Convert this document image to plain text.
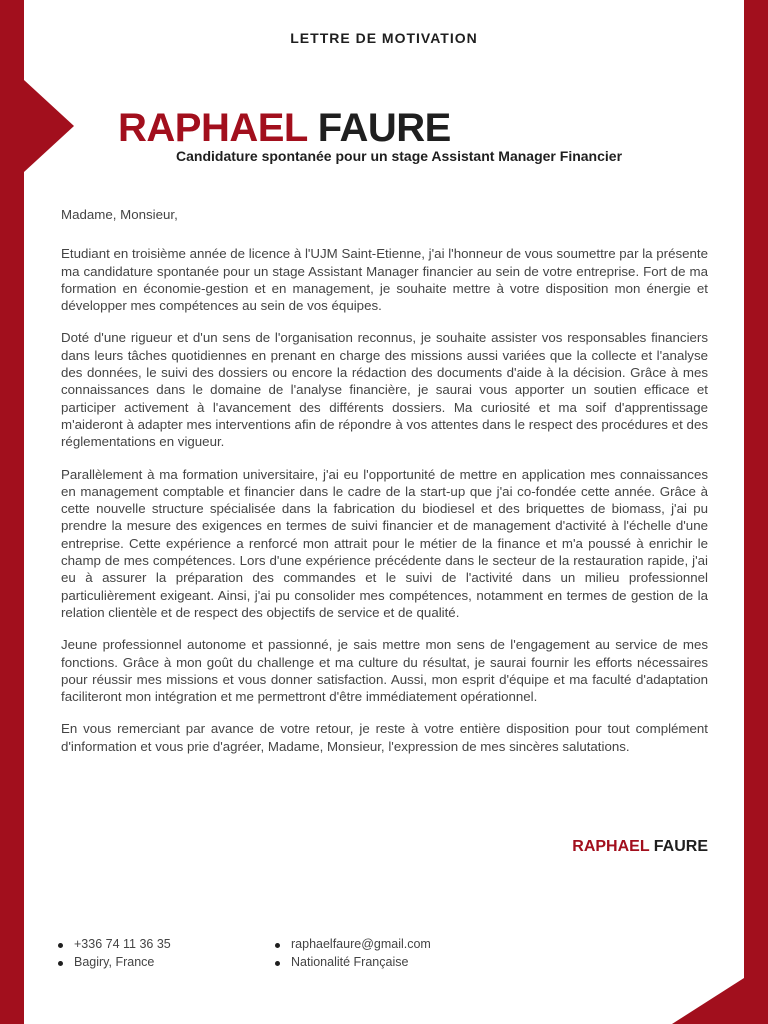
LETTRE DE MOTIVATION
RAPHAEL FAURE
Candidature spontanée pour un stage Assistant Manager Financier

Madame, Monsieur,

Etudiant en troisième année de licence à l'UJM Saint-Etienne, j'ai l'honneur de vous soumettre par la présente ma candidature spontanée pour un stage Assistant Manager financier au sein de votre entreprise. Fort de ma formation en économie-gestion et en management, je souhaite mettre à votre disposition mon énergie et développer mes compétences au sein de vos équipes.

Doté d'une rigueur et d'un sens de l'organisation reconnus, je souhaite assister vos responsables financiers dans leurs tâches quotidiennes en prenant en charge des missions aussi variées que la collecte et l'analyse des données, le suivi des dossiers ou encore la rédaction des documents d'aide à la décision. Grâce à mes connaissances dans le domaine de l'analyse financière, je saurai vous apporter un soutien efficace et participer activement à l'avancement des différents dossiers. Ma curiosité et ma soif d'apprentissage m'aideront à adapter mes interventions afin de répondre à vos attentes dans le respect des procédures et des réglementations en vigueur.

Parallèlement à ma formation universitaire, j'ai eu l'opportunité de mettre en application mes connaissances en management comptable et financier dans le cadre de la start-up que j'ai co-fondée cette année. Grâce à cette nouvelle structure spécialisée dans la fabrication du biodiesel et des briquettes de biomass, j'ai pu prendre la mesure des exigences en termes de suivi financier et de management d'activité à l'échelle d'une entreprise. Cette expérience a renforcé mon attrait pour le métier de la finance et m'a poussé à enrichir le champ de mes compétences. Lors d'une expérience précédente dans le secteur de la restauration rapide, j'ai eu à assurer la préparation des commandes et le suivi de l'activité dans un milieu professionnel particulièrement exigeant. Ainsi, j'ai pu consolider mes compétences, notamment en termes de gestion de la relation clientèle et de respect des objectifs de service et de qualité.

Jeune professionnel autonome et passionné, je sais mettre mon sens de l'engagement au service de mes fonctions. Grâce à mon goût du challenge et ma culture du résultat, je saurai fournir les efforts nécessaires pour réussir mes missions et vous donner satisfaction. Aussi, mon esprit d'équipe et ma faculté d'adaptation faciliteront mon intégration et me permettront d'être immédiatement opérationnel.

En vous remerciant par avance de votre retour, je reste à votre entière disposition pour tout complément d'information et vous prie d'agréer, Madame, Monsieur, l'expression de mes sincères salutations.

RAPHAEL FAURE
+336 74 11 36 35
Bagiry, France
raphaelfaure@gmail.com
Nationalité Française
